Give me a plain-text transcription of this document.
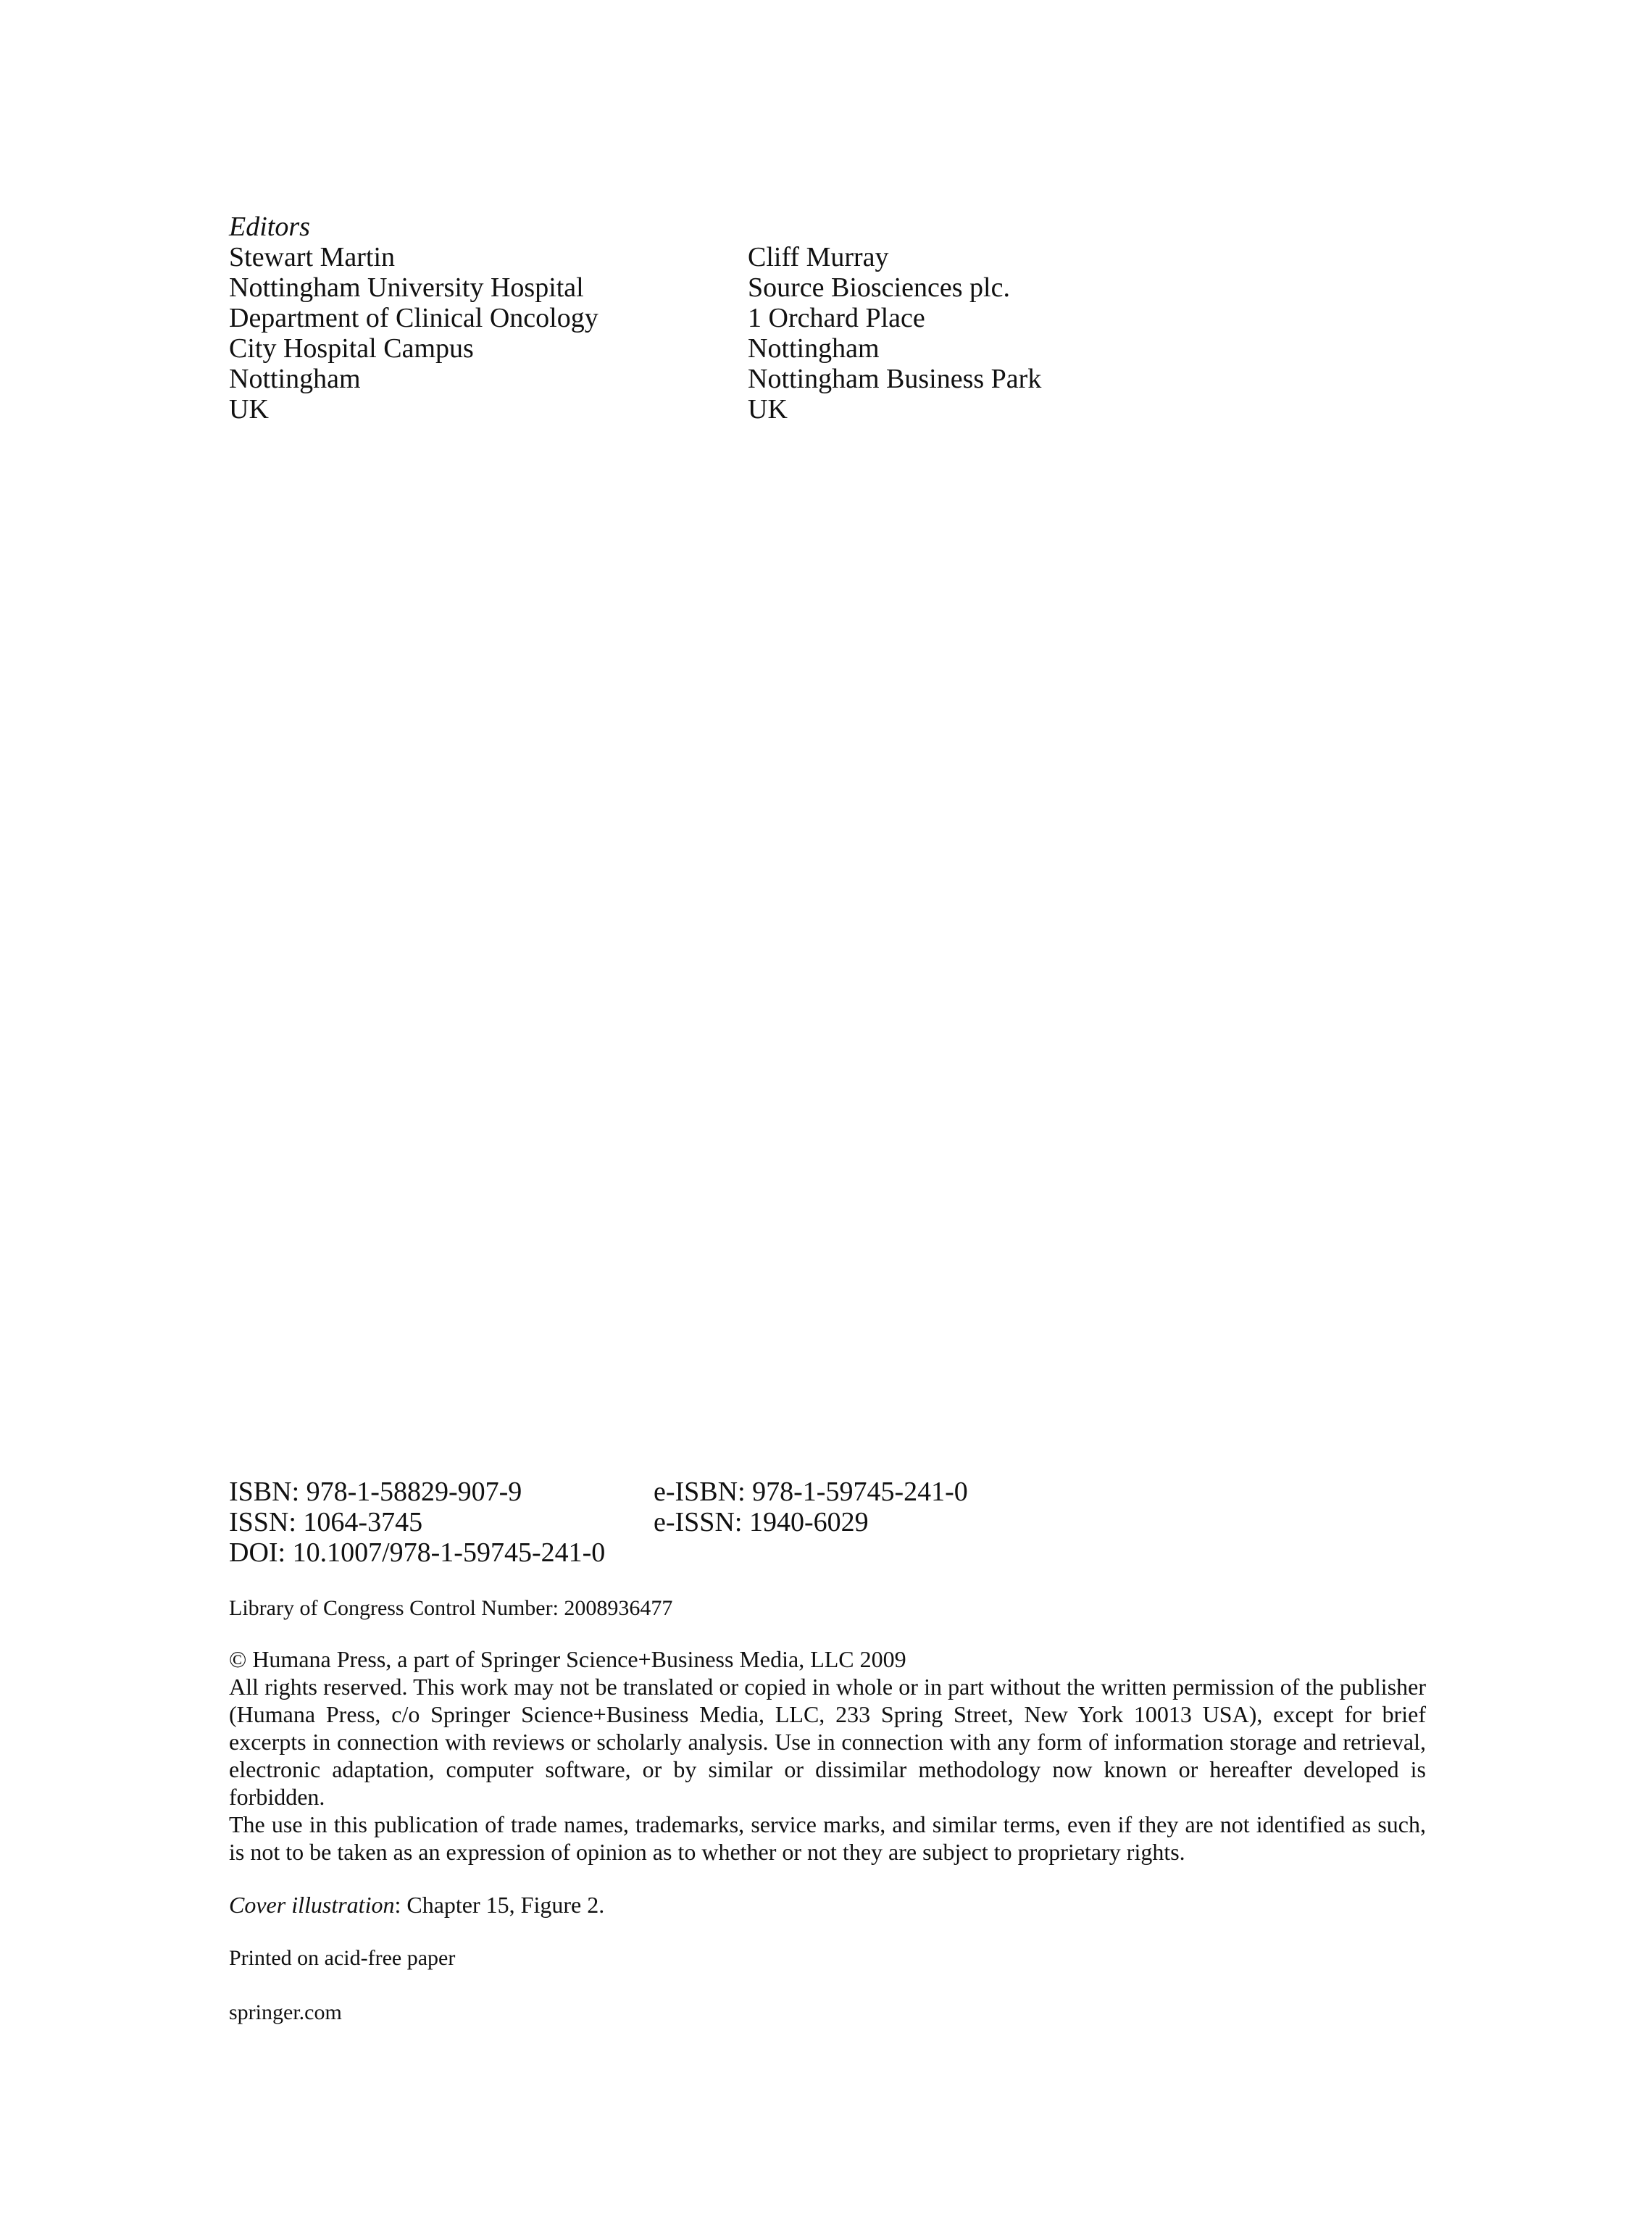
Editors
Stewart Martin
Nottingham University Hospital
Department of Clinical Oncology
City Hospital Campus
Nottingham
UK
Cliff Murray
Source Biosciences plc.
1 Orchard Place
Nottingham
Nottingham Business Park
UK
ISBN: 978-1-58829-907-9	e-ISBN: 978-1-59745-241-0
ISSN: 1064-3745	e-ISSN: 1940-6029
DOI: 10.1007/978-1-59745-241-0
Library of Congress Control Number: 2008936477

© Humana Press, a part of Springer Science+Business Media, LLC 2009

All rights reserved. This work may not be translated or copied in whole or in part without the written permission of the publisher (Humana Press, c/o Springer Science+Business Media, LLC, 233 Spring Street, New York 10013 USA), except for brief excerpts in connection with reviews or scholarly analysis. Use in connection with any form of information storage and retrieval, electronic adaptation, computer software, or by similar or dissimilar methodology now known or hereafter developed is forbidden.

The use in this publication of trade names, trademarks, service marks, and similar terms, even if they are not identified as such, is not to be taken as an expression of opinion as to whether or not they are subject to proprietary rights.

Cover illustration: Chapter 15, Figure 2.
Printed on acid-free paper
springer.com
